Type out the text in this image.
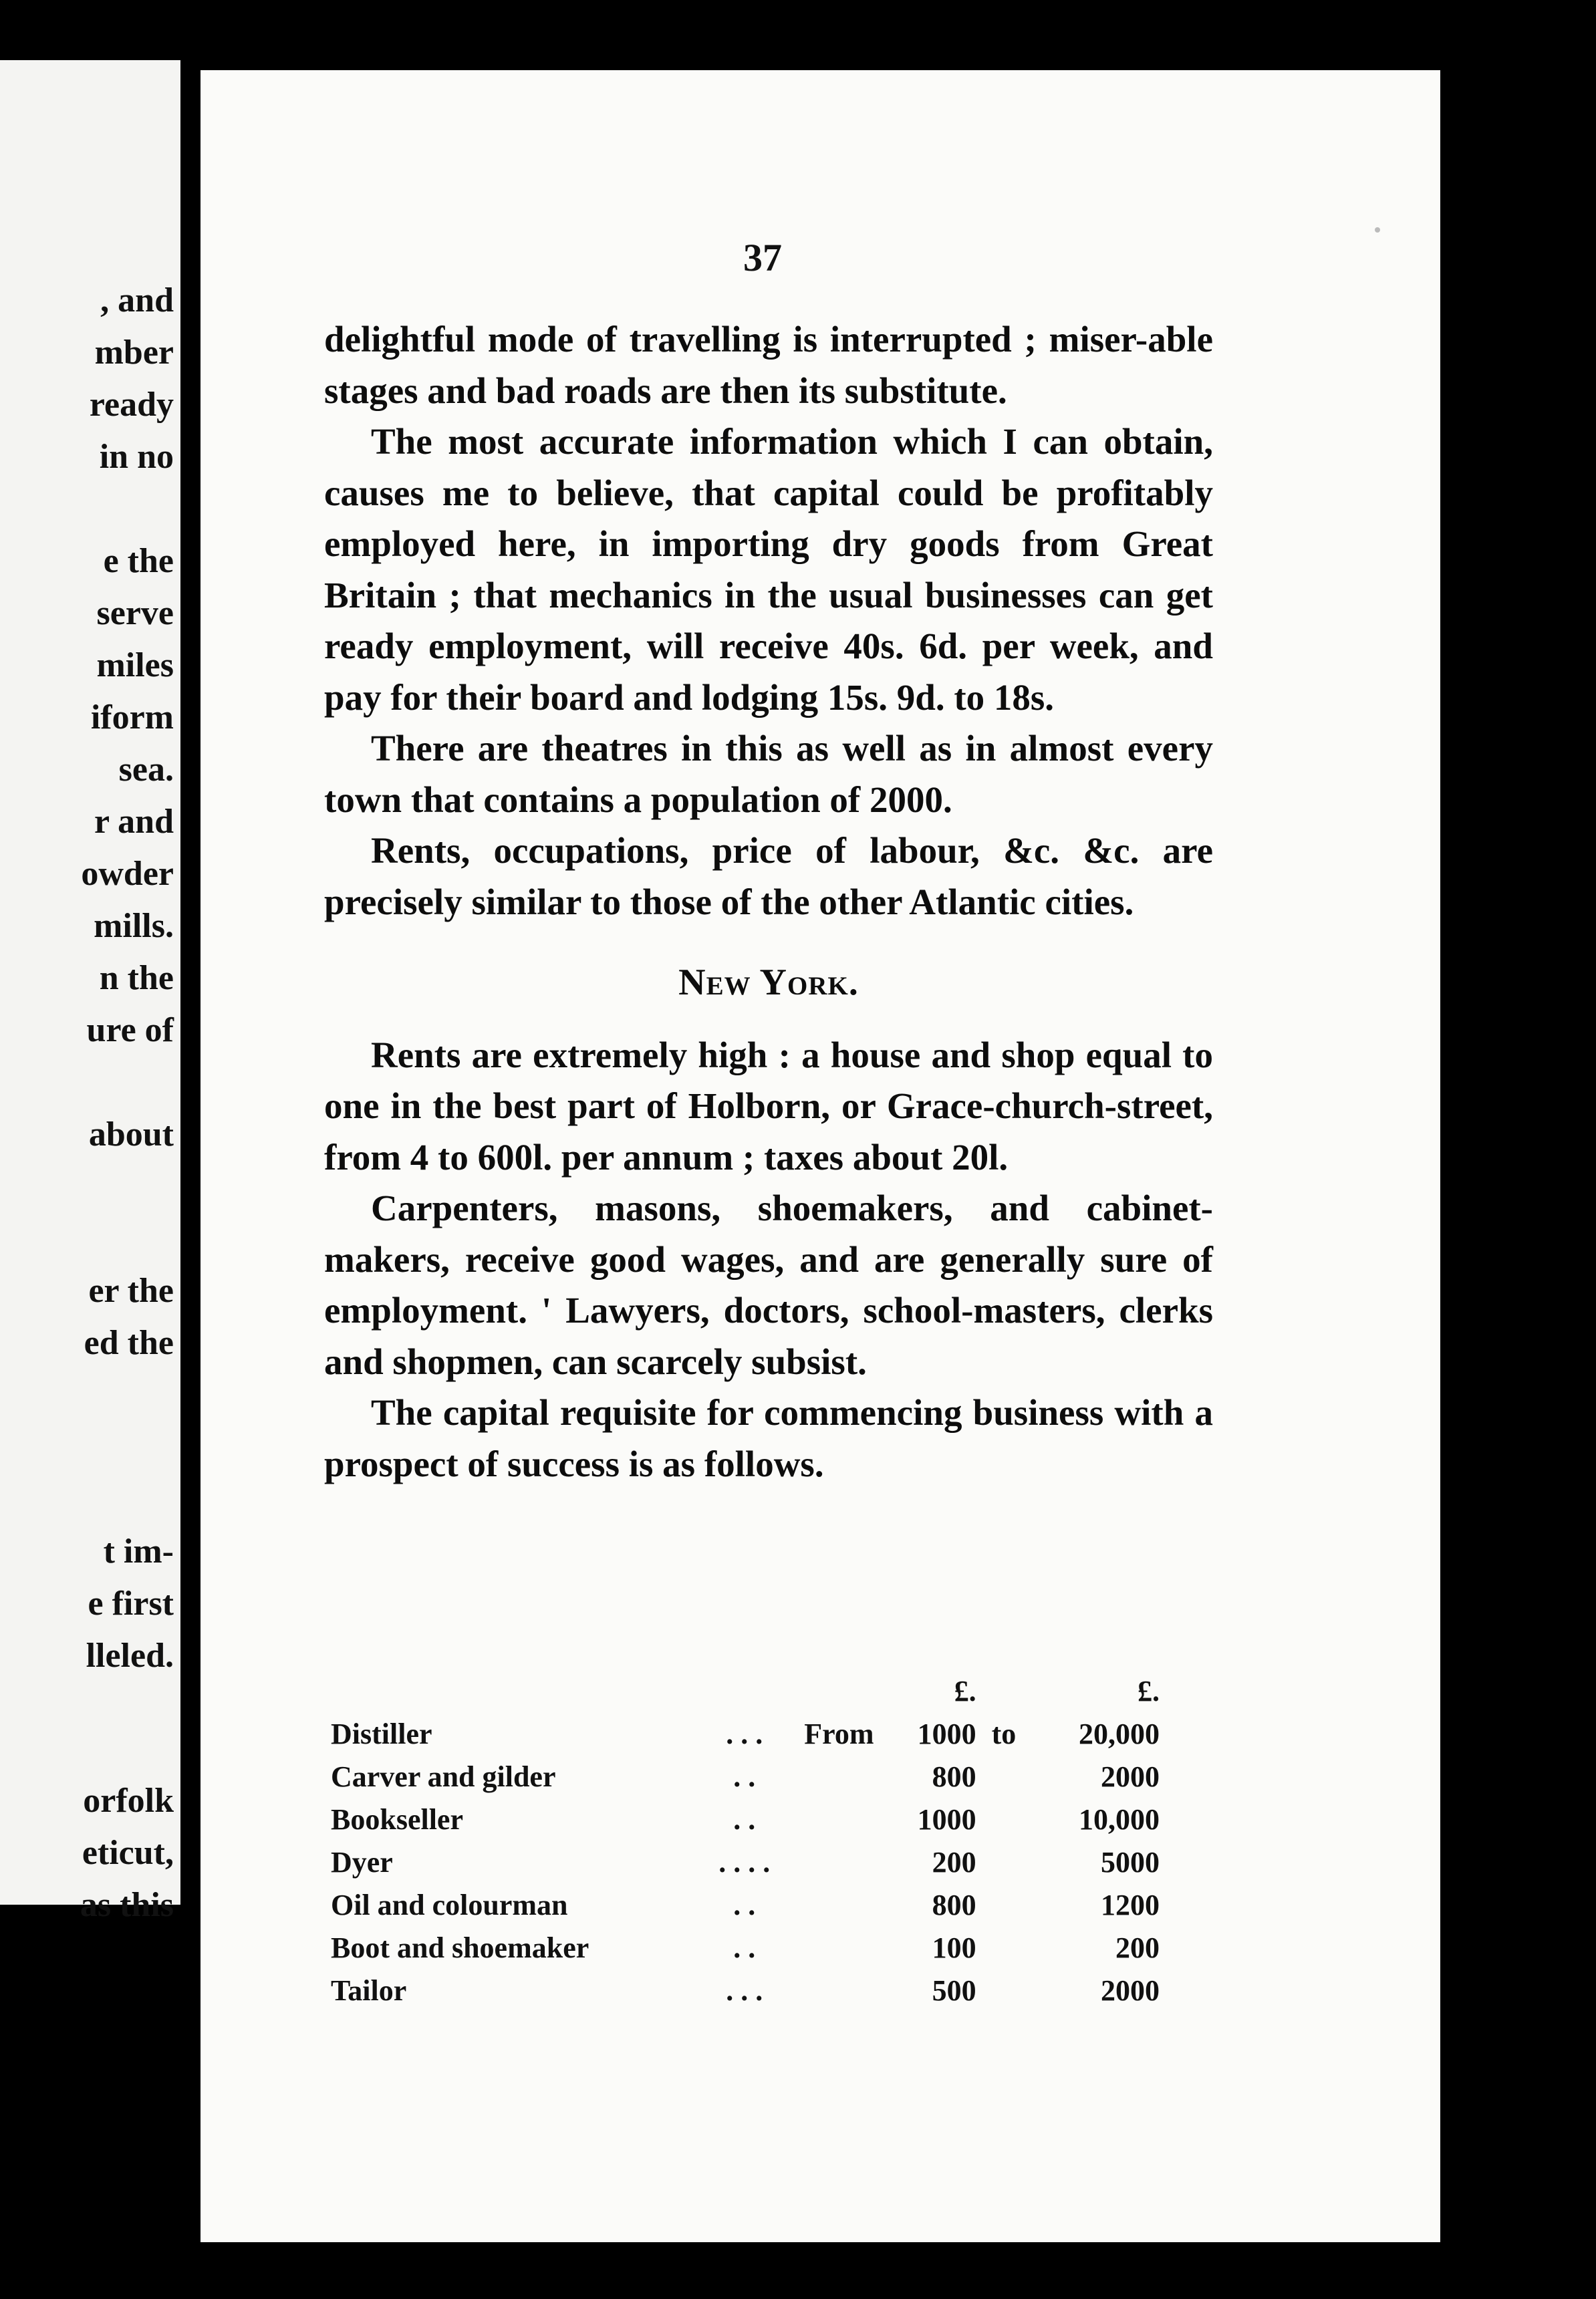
, and
mber
ready
in no
e the
serve
miles
iform
sea.
r and
owder
mills.
n the
ure of
about
er the
ed the
t im-
e first
lleled.
orfolk
eticut,
as this
37

delightful mode of travelling is interrupted ; miser-able stages and bad roads are then its substitute.

The most accurate information which I can obtain, causes me to believe, that capital could be profitably employed here, in importing dry goods from Great Britain ; that mechanics in the usual businesses can get ready employment, will receive 40s. 6d. per week, and pay for their board and lodging 15s. 9d. to 18s.

There are theatres in this as well as in almost every town that contains a population of 2000.

Rents, occupations, price of labour, &c. &c. are precisely similar to those of the other Atlantic cities.

New York.

Rents are extremely high : a house and shop equal to one in the best part of Holborn, or Grace-church-street, from 4 to 600l. per annum ; taxes about 20l.

Carpenters, masons, shoemakers, and cabinet-makers, receive good wages, and are generally sure of employment. ' Lawyers, doctors, school-masters, clerks and shopmen, can scarcely subsist.

The capital requisite for commencing business with a prospect of success is as follows.

			£.		£.
Distiller	. . .	From	1000	to	20,000
Carver and gilder	. .		800		2000
Bookseller	. .		1000		10,000
Dyer	. . . .		200		5000
Oil and colourman	. .		800		1200
Boot and shoemaker	. .		100		200
Tailor	. . .		500		2000
